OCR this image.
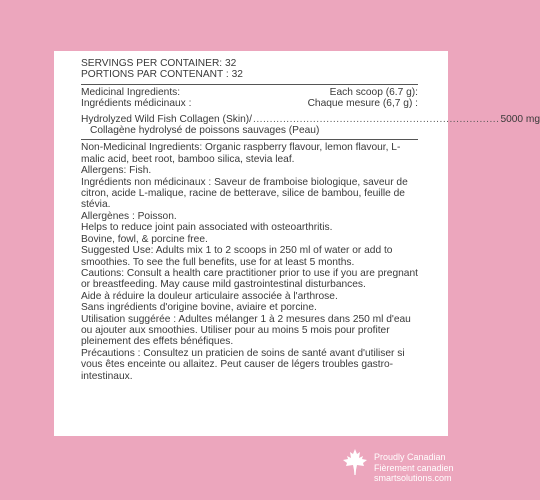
SERVINGS PER CONTAINER: 32
PORTIONS PAR CONTENANT : 32
Medicinal Ingredients:	Each scoop (6.7 g):
Ingrédients médicinaux :	Chaque mesure (6,7 g) :
Hydrolyzed Wild Fish Collagen (Skin)/ .......................................................................... 5000 mg
Collagène hydrolysé de poissons sauvages (Peau)

Non-Medicinal Ingredients: Organic raspberry flavour, lemon flavour, L-malic acid, beet root, bamboo silica, stevia leaf.

Allergens: Fish.

Ingrédients non médicinaux : Saveur de framboise biologique, saveur de citron, acide L-malique, racine de betterave, silice de bambou, feuille de stévia.

Allergènes : Poisson.

Helps to reduce joint pain associated with osteoarthritis.

Bovine, fowl, & porcine free.

Suggested Use: Adults mix 1 to 2 scoops in 250 ml of water or add to smoothies. To see the full benefits, use for at least 5 months.

Cautions: Consult a health care practitioner prior to use if you are pregnant or breastfeeding. May cause mild gastrointestinal disturbances.

Aide à réduire la douleur articulaire associée à l'arthrose.

Sans ingrédients d'origine bovine, aviaire et porcine.

Utilisation suggérée : Adultes mélanger 1 à 2 mesures dans 250 ml d'eau ou ajouter aux smoothies. Utiliser pour au moins 5 mois pour profiter pleinement des effets bénéfiques.

Précautions : Consultez un praticien de soins de santé avant d'utiliser si vous êtes enceinte ou allaitez. Peut causer de légers troubles gastro-intestinaux.

Proudly Canadian
Fièrement canadien
smartsolutions.com
